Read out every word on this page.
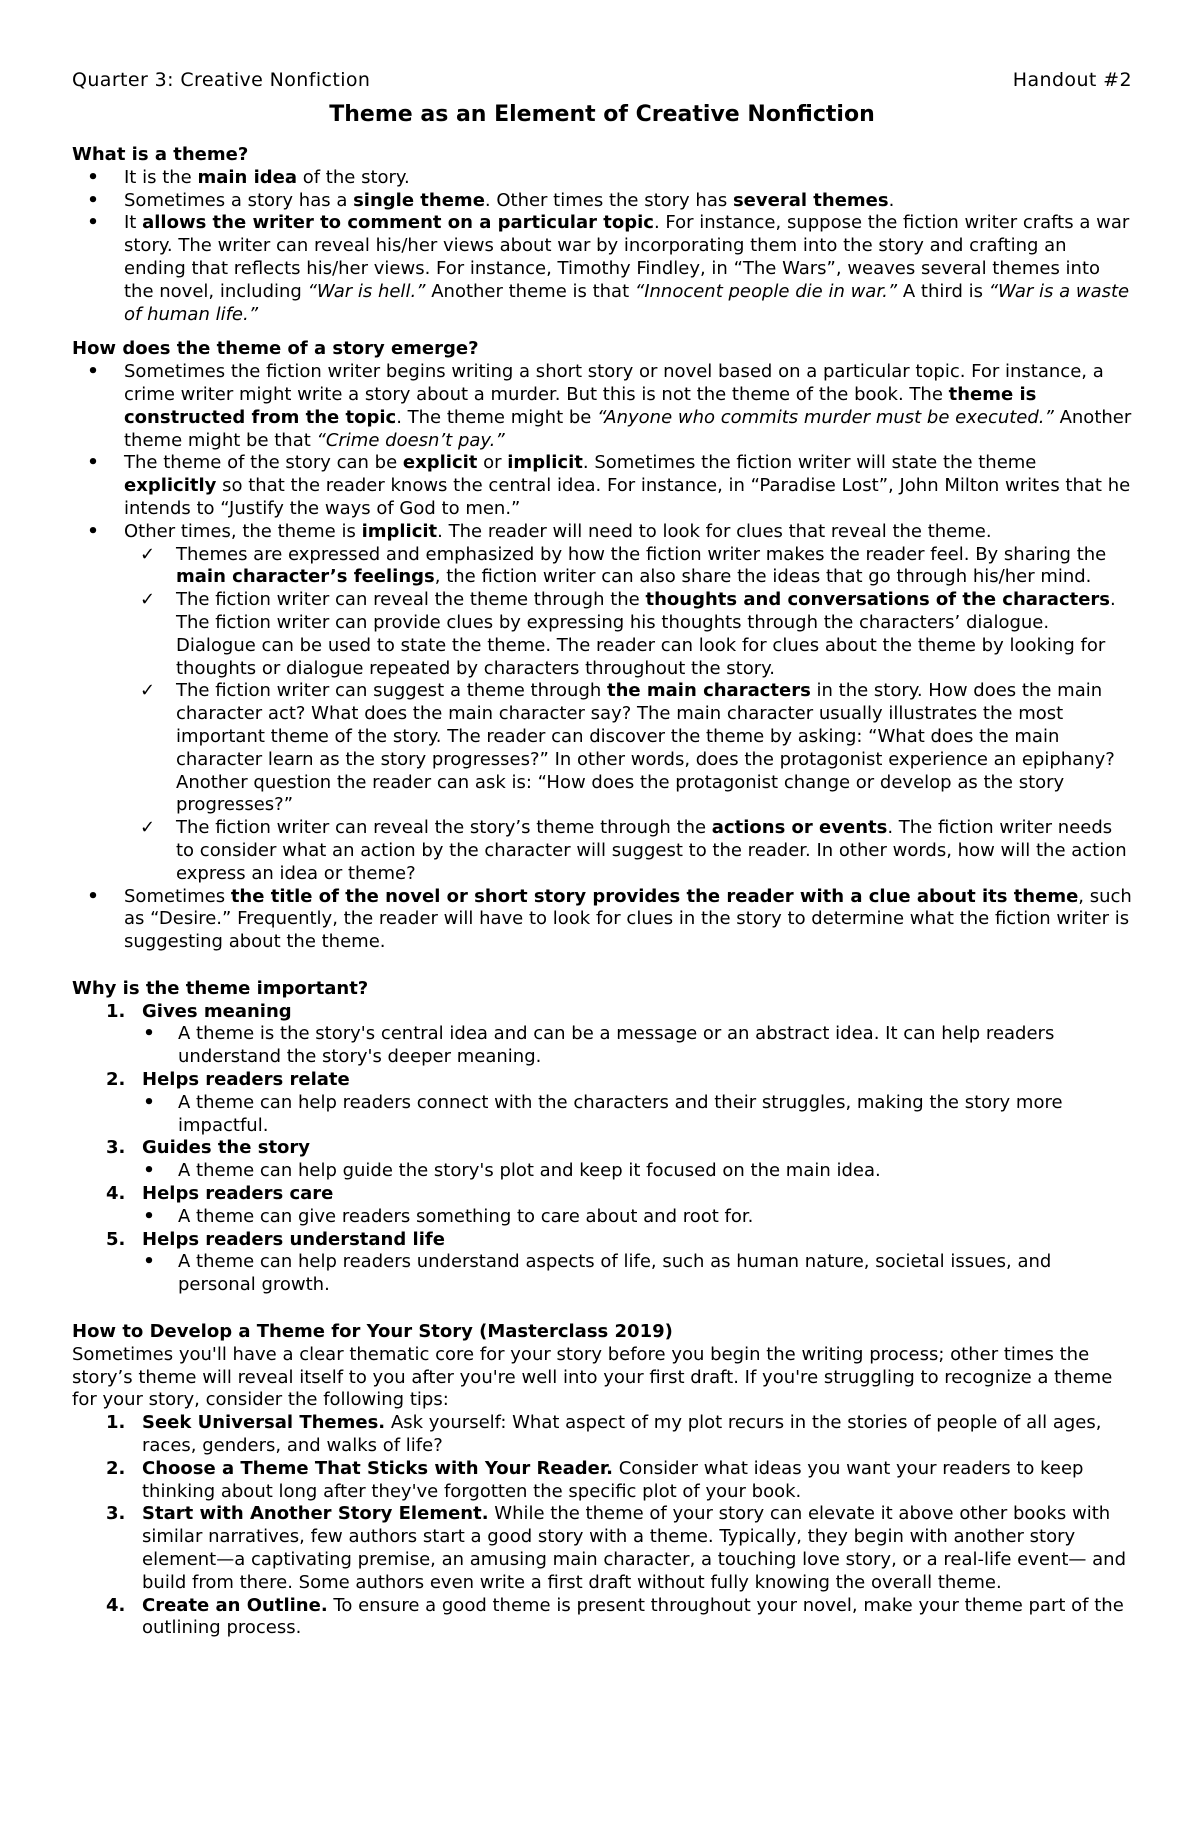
Quarter 3: Creative Nonfiction	Handout #2
Theme as an Element of Creative Nonfiction

What is a theme?

• It is the main idea of the story.
• Sometimes a story has a single theme. Other times the story has several themes.
• It allows the writer to comment on a particular topic. For instance, suppose the fiction writer crafts a war story. The writer can reveal his/her views about war by incorporating them into the story and crafting an ending that reflects his/her views. For instance, Timothy Findley, in “The Wars”, weaves several themes into the novel, including “War is hell.” Another theme is that “Innocent people die in war.” A third is “War is a waste of human life.”

How does the theme of a story emerge?

• Sometimes the fiction writer begins writing a short story or novel based on a particular topic. For instance, a crime writer might write a story about a murder. But this is not the theme of the book. The theme is constructed from the topic. The theme might be “Anyone who commits murder must be executed.” Another theme might be that “Crime doesn’t pay.”
• The theme of the story can be explicit or implicit. Sometimes the fiction writer will state the theme explicitly so that the reader knows the central idea. For instance, in “Paradise Lost”, John Milton writes that he intends to “Justify the ways of God to men.”
• Other times, the theme is implicit. The reader will need to look for clues that reveal the theme.
✓ Themes are expressed and emphasized by how the fiction writer makes the reader feel. By sharing the main character’s feelings, the fiction writer can also share the ideas that go through his/her mind.
✓ The fiction writer can reveal the theme through the thoughts and conversations of the characters. The fiction writer can provide clues by expressing his thoughts through the characters’ dialogue. Dialogue can be used to state the theme. The reader can look for clues about the theme by looking for thoughts or dialogue repeated by characters throughout the story.
✓ The fiction writer can suggest a theme through the main characters in the story. How does the main character act? What does the main character say? The main character usually illustrates the most important theme of the story. The reader can discover the theme by asking: “What does the main character learn as the story progresses?” In other words, does the protagonist experience an epiphany? Another question the reader can ask is: “How does the protagonist change or develop as the story progresses?”
✓ The fiction writer can reveal the story’s theme through the actions or events. The fiction writer needs to consider what an action by the character will suggest to the reader. In other words, how will the action express an idea or theme?
• Sometimes the title of the novel or short story provides the reader with a clue about its theme, such as “Desire.” Frequently, the reader will have to look for clues in the story to determine what the fiction writer is suggesting about the theme.

Why is the theme important?

1. Gives meaning
• A theme is the story's central idea and can be a message or an abstract idea. It can help readers understand the story's deeper meaning.
2. Helps readers relate
• A theme can help readers connect with the characters and their struggles, making the story more impactful.
3. Guides the story
• A theme can help guide the story's plot and keep it focused on the main idea.
4. Helps readers care
• A theme can give readers something to care about and root for.
5. Helps readers understand life
• A theme can help readers understand aspects of life, such as human nature, societal issues, and personal growth.

How to Develop a Theme for Your Story (Masterclass 2019)

Sometimes you'll have a clear thematic core for your story before you begin the writing process; other times the story’s theme will reveal itself to you after you're well into your first draft. If you're struggling to recognize a theme for your story, consider the following tips:

1. Seek Universal Themes. Ask yourself: What aspect of my plot recurs in the stories of people of all ages, races, genders, and walks of life?
2. Choose a Theme That Sticks with Your Reader. Consider what ideas you want your readers to keep thinking about long after they've forgotten the specific plot of your book.
3. Start with Another Story Element. While the theme of your story can elevate it above other books with similar narratives, few authors start a good story with a theme. Typically, they begin with another story element—a captivating premise, an amusing main character, a touching love story, or a real-life event— and build from there. Some authors even write a first draft without fully knowing the overall theme.
4. Create an Outline. To ensure a good theme is present throughout your novel, make your theme part of the outlining process.
